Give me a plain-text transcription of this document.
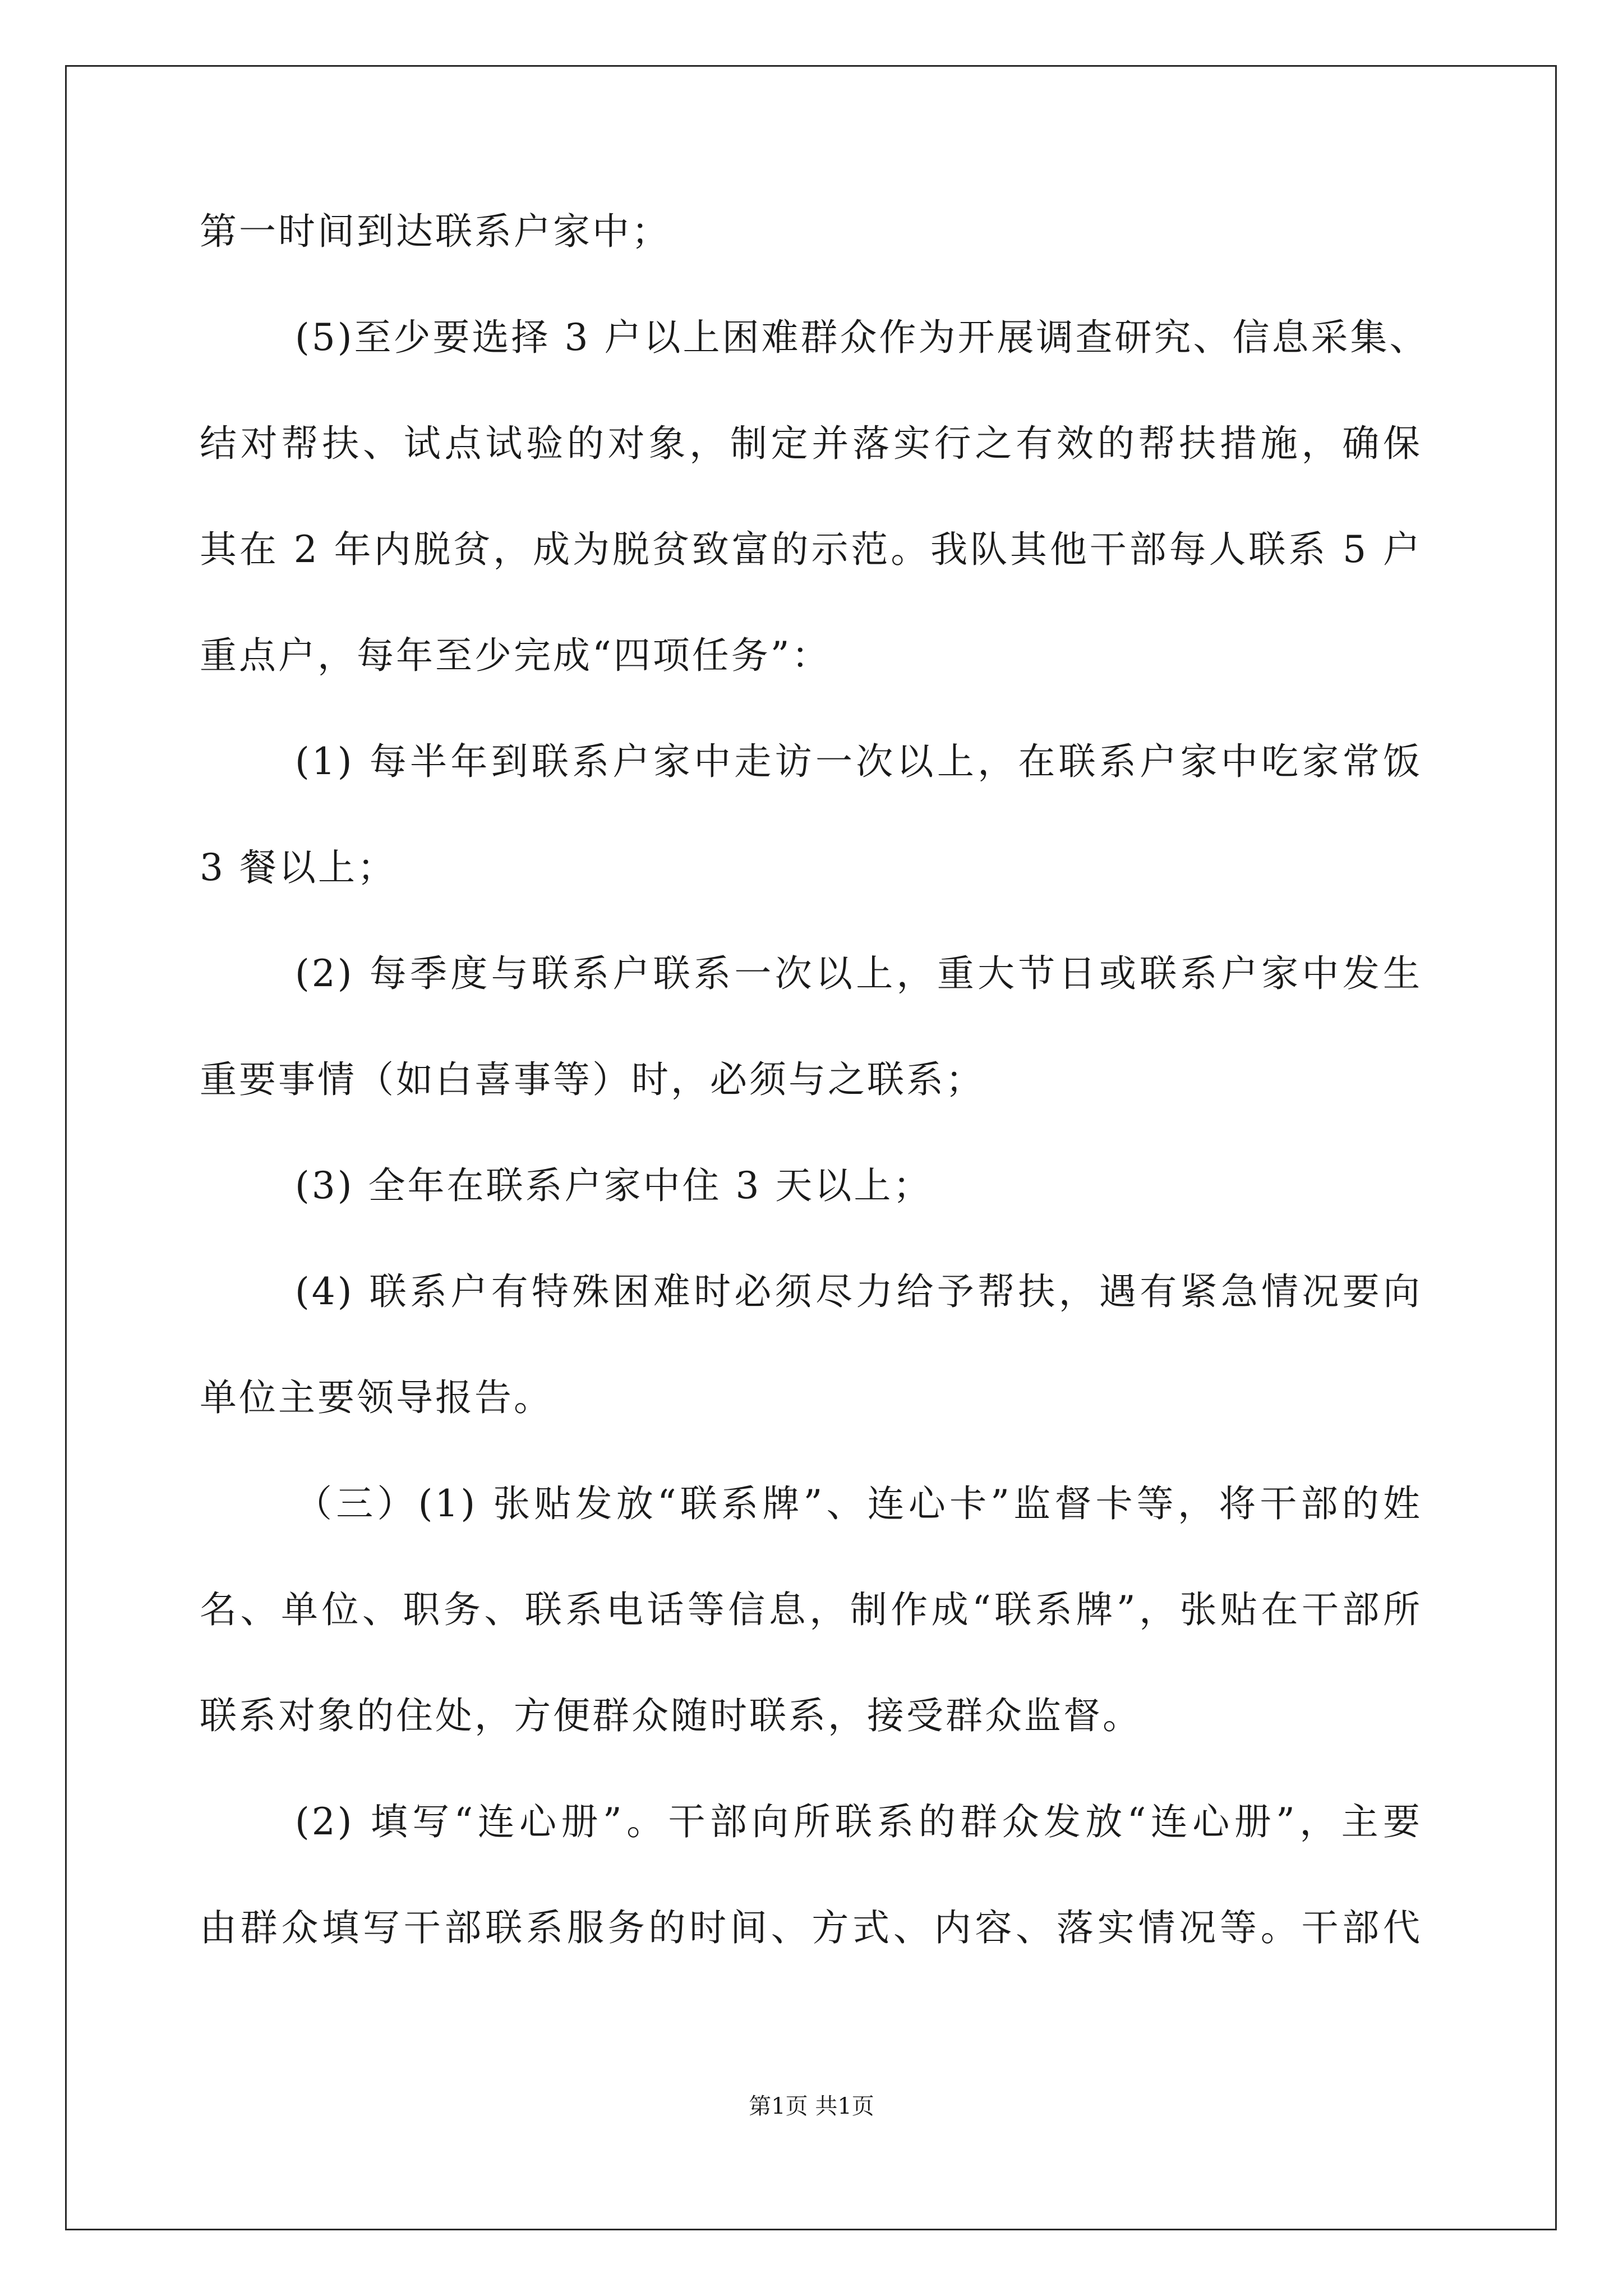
第一时间到达联系户家中；
(5)至少要选择 3 户以上困难群众作为开展调查研究、信息采集、
结对帮扶、试点试验的对象，制定并落实行之有效的帮扶措施，确保
其在 2 年内脱贫，成为脱贫致富的示范。我队其他干部每人联系 5 户
重点户，每年至少完成“四项任务”：
(1) 每半年到联系户家中走访一次以上，在联系户家中吃家常饭
3 餐以上；
(2) 每季度与联系户联系一次以上，重大节日或联系户家中发生
重要事情（如白喜事等）时，必须与之联系；
(3) 全年在联系户家中住 3 天以上；
(4) 联系户有特殊困难时必须尽力给予帮扶，遇有紧急情况要向
单位主要领导报告。
（三）(1) 张贴发放“联系牌”、连心卡”监督卡等，将干部的姓
名、单位、职务、联系电话等信息，制作成“联系牌”，张贴在干部所
联系对象的住处，方便群众随时联系，接受群众监督。
(2) 填写“连心册”。干部向所联系的群众发放“连心册”，主要
由群众填写干部联系服务的时间、方式、内容、落实情况等。干部代
第1页 共1页
